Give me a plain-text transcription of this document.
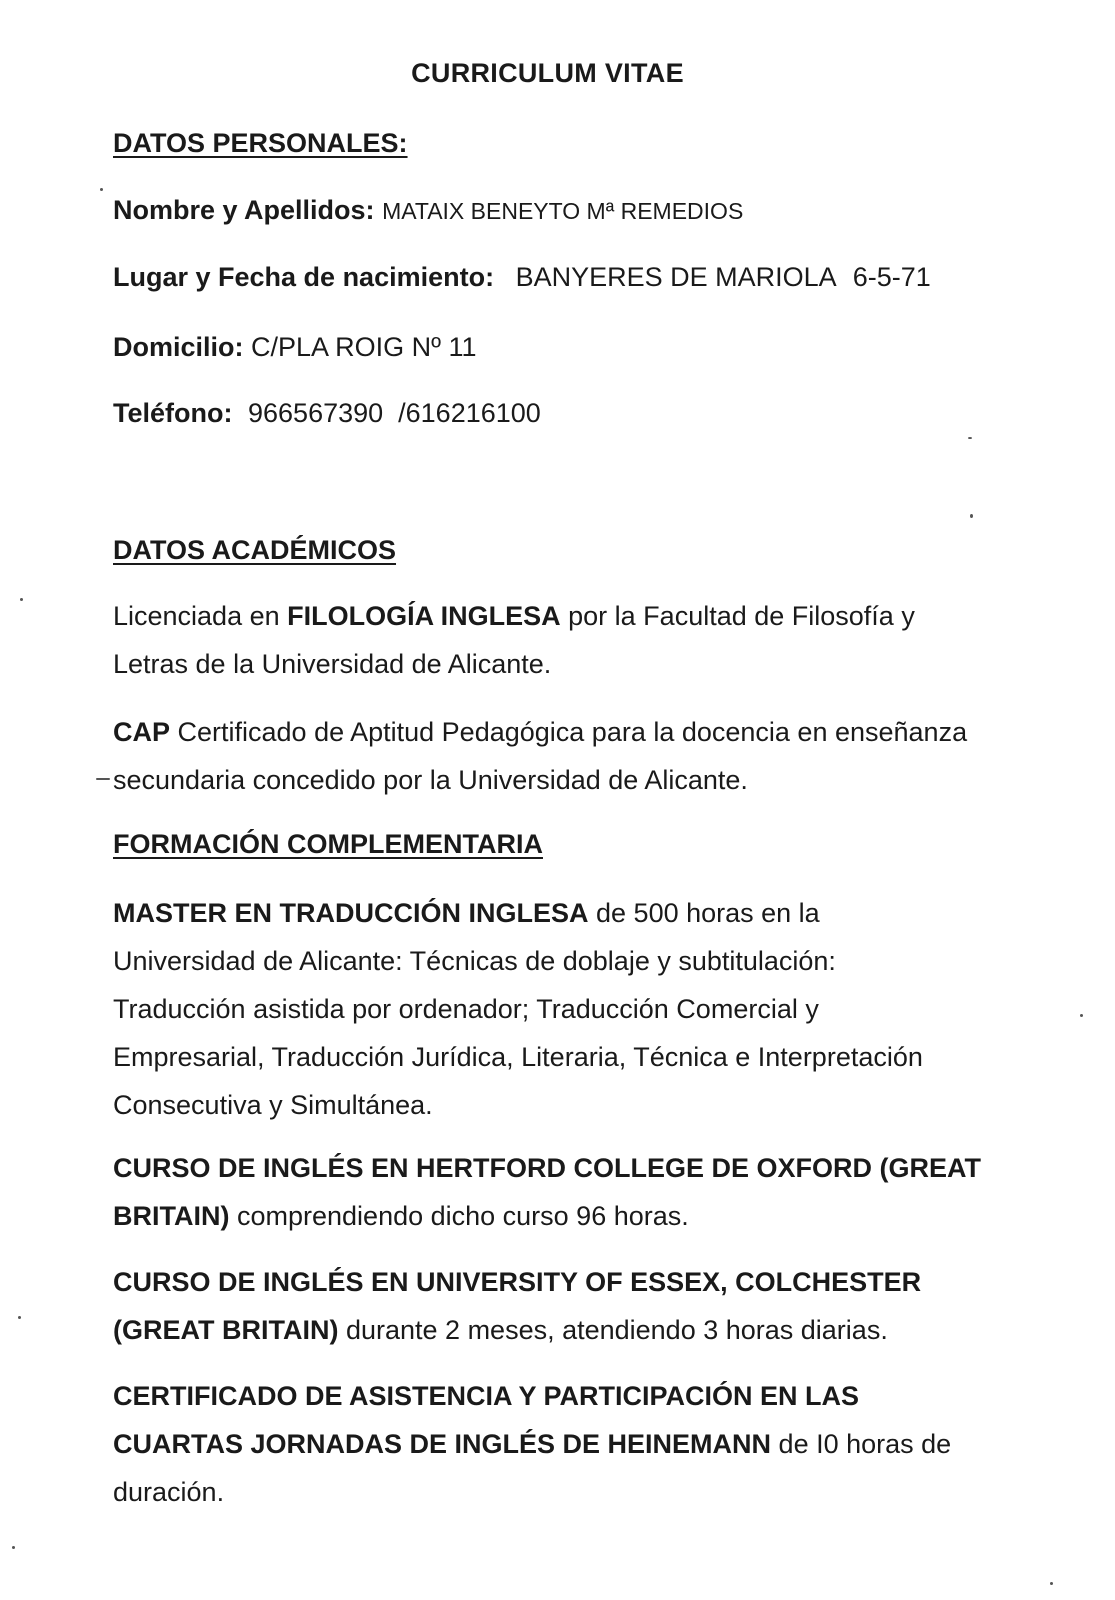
CURRICULUM VITAE
DATOS PERSONALES:
Nombre y Apellidos: MATAIX BENEYTO Mª REMEDIOS
Lugar y Fecha de nacimiento: BANYERES DE MARIOLA 6-5-71
Domicilio: C/PLA ROIG Nº 11
Teléfono: 966567390  /616216100
DATOS ACADÉMICOS
Licenciada en FILOLOGÍA INGLESA por la Facultad de Filosofía y Letras de la Universidad de Alicante.
CAP Certificado de Aptitud Pedagógica para la docencia en enseñanza secundaria concedido por la Universidad de Alicante.
FORMACIÓN COMPLEMENTARIA
MASTER EN TRADUCCIÓN INGLESA de 500 horas en la Universidad de Alicante: Técnicas de doblaje y subtitulación: Traducción asistida por ordenador; Traducción Comercial y Empresarial, Traducción Jurídica, Literaria, Técnica e Interpretación Consecutiva y Simultánea.
CURSO DE INGLÉS EN HERTFORD COLLEGE DE OXFORD (GREAT BRITAIN) comprendiendo dicho curso 96 horas.
CURSO DE INGLÉS EN UNIVERSITY OF ESSEX, COLCHESTER (GREAT BRITAIN) durante 2 meses, atendiendo 3 horas diarias.
CERTIFICADO DE ASISTENCIA Y PARTICIPACIÓN EN LAS CUARTAS JORNADAS DE INGLÉS DE HEINEMANN de I0 horas de duración.
